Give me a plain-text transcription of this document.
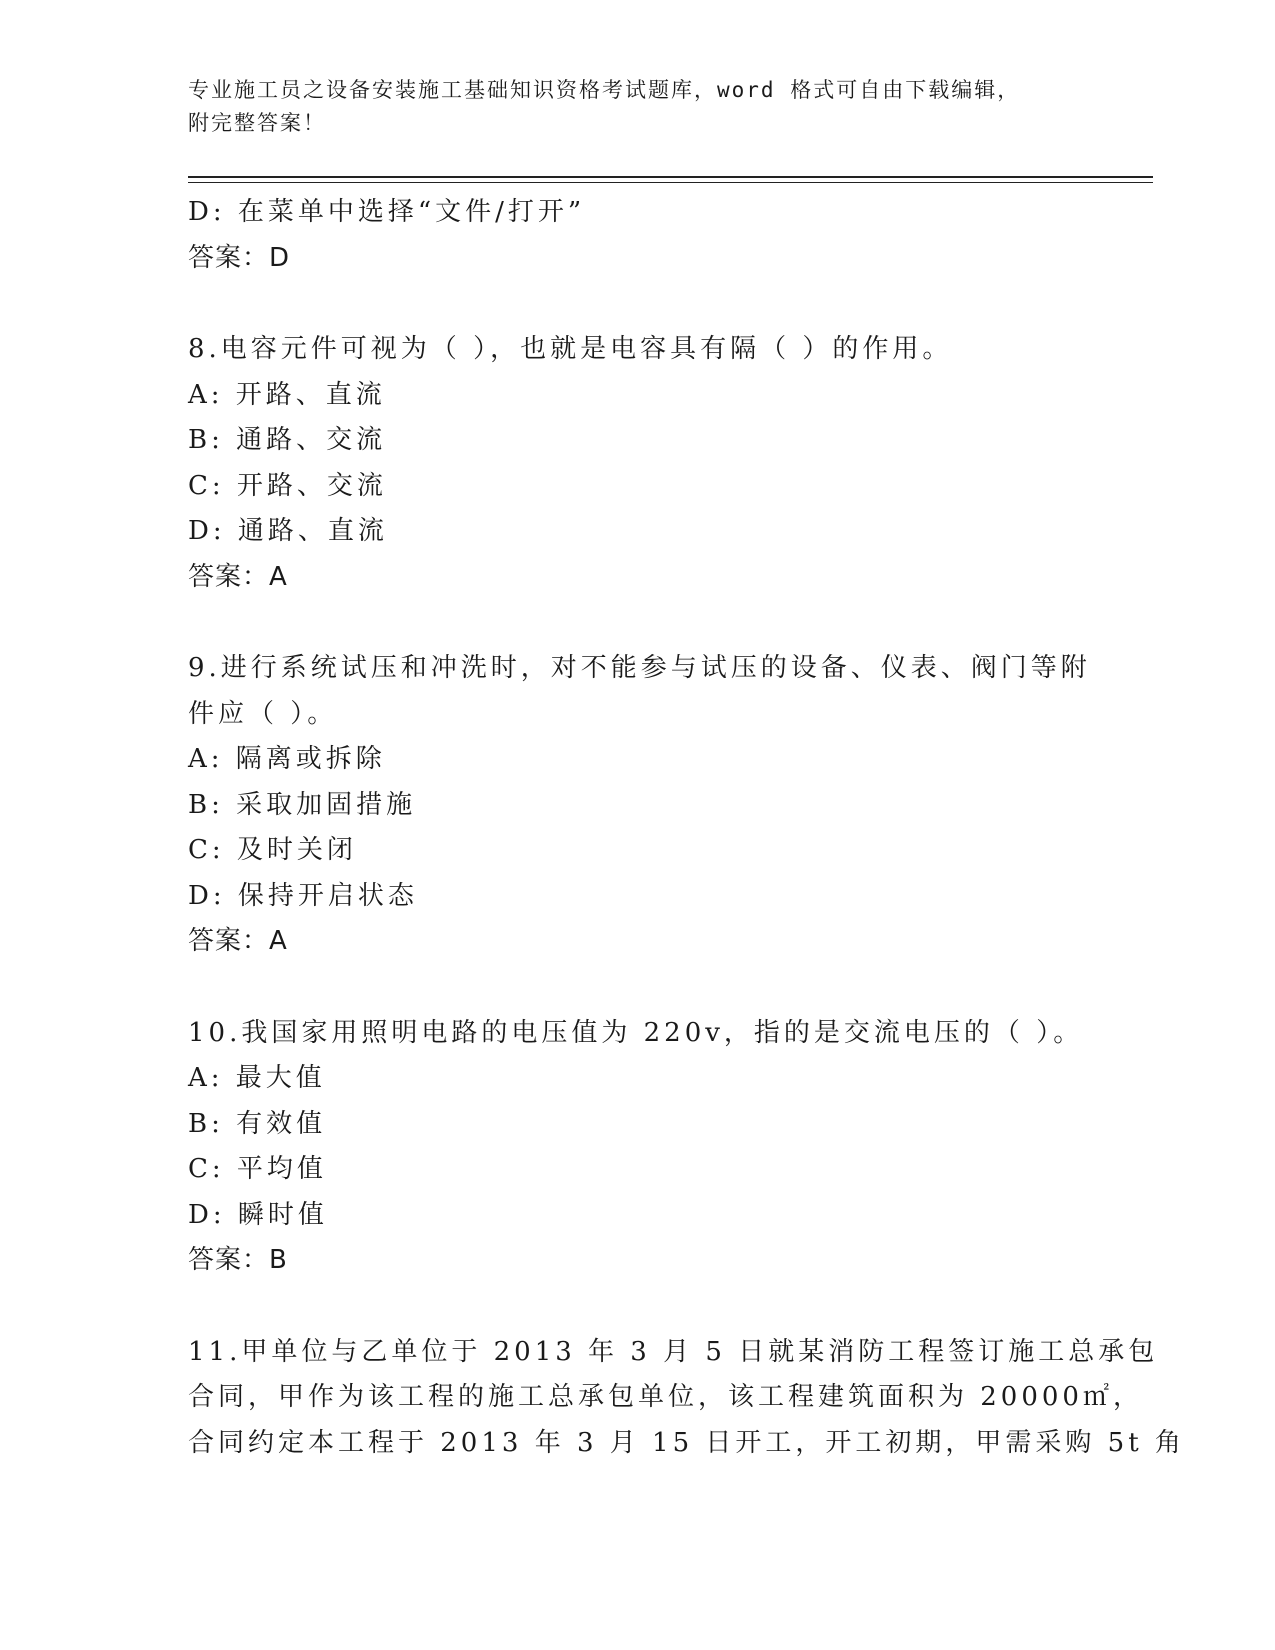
专业施工员之设备安装施工基础知识资格考试题库，word 格式可自由下载编辑，
附完整答案！
D: 在菜单中选择“文件/打开”
答案：D
8.电容元件可视为（ ），也就是电容具有隔（ ）的作用。
A: 开路、直流
B: 通路、交流
C: 开路、交流
D: 通路、直流
答案：A
9.进行系统试压和冲洗时，对不能参与试压的设备、仪表、阀门等附
件应（ ）。
A: 隔离或拆除
B: 采取加固措施
C: 及时关闭
D: 保持开启状态
答案：A
10.我国家用照明电路的电压值为 220v，指的是交流电压的（ ）。
A: 最大值
B: 有效值
C: 平均值
D: 瞬时值
答案：B
11.甲单位与乙单位于 2013 年 3 月 5 日就某消防工程签订施工总承包
合同，甲作为该工程的施工总承包单位，该工程建筑面积为 20000㎡，
合同约定本工程于 2013 年 3 月 15 日开工，开工初期，甲需采购 5t 角
